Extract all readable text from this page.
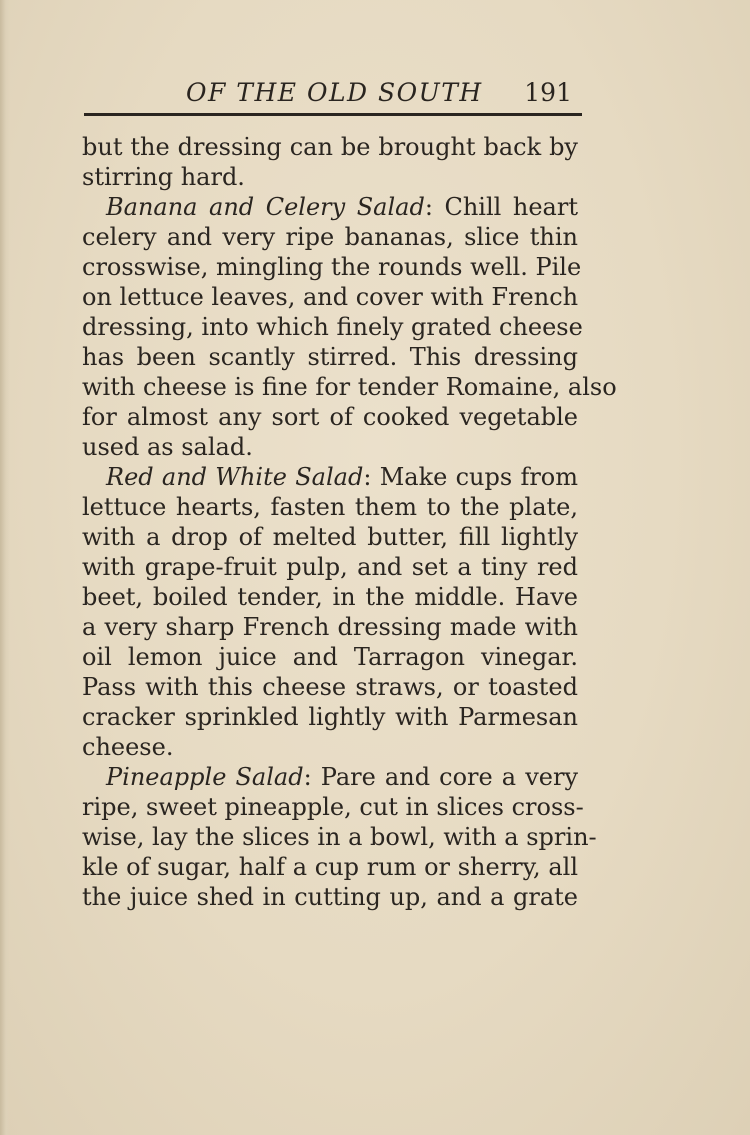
OF THE OLD SOUTH 191
but the dressing can be brought back by
stirring hard.
Banana and Celery Salad: Chill heart
celery and very ripe bananas, slice thin
crosswise, mingling the rounds well. Pile
on lettuce leaves, and cover with French
dressing, into which finely grated cheese
has been scantly stirred. This dressing
with cheese is fine for tender Romaine, also
for almost any sort of cooked vegetable
used as salad.
Red and White Salad: Make cups from
lettuce hearts, fasten them to the plate,
with a drop of melted butter, fill lightly
with grape-fruit pulp, and set a tiny red
beet, boiled tender, in the middle. Have
a very sharp French dressing made with
oil lemon juice and Tarragon vinegar.
Pass with this cheese straws, or toasted
cracker sprinkled lightly with Parmesan
cheese.
Pineapple Salad: Pare and core a very
ripe, sweet pineapple, cut in slices cross-
wise, lay the slices in a bowl, with a sprin-
kle of sugar, half a cup rum or sherry, all
the juice shed in cutting up, and a grate
